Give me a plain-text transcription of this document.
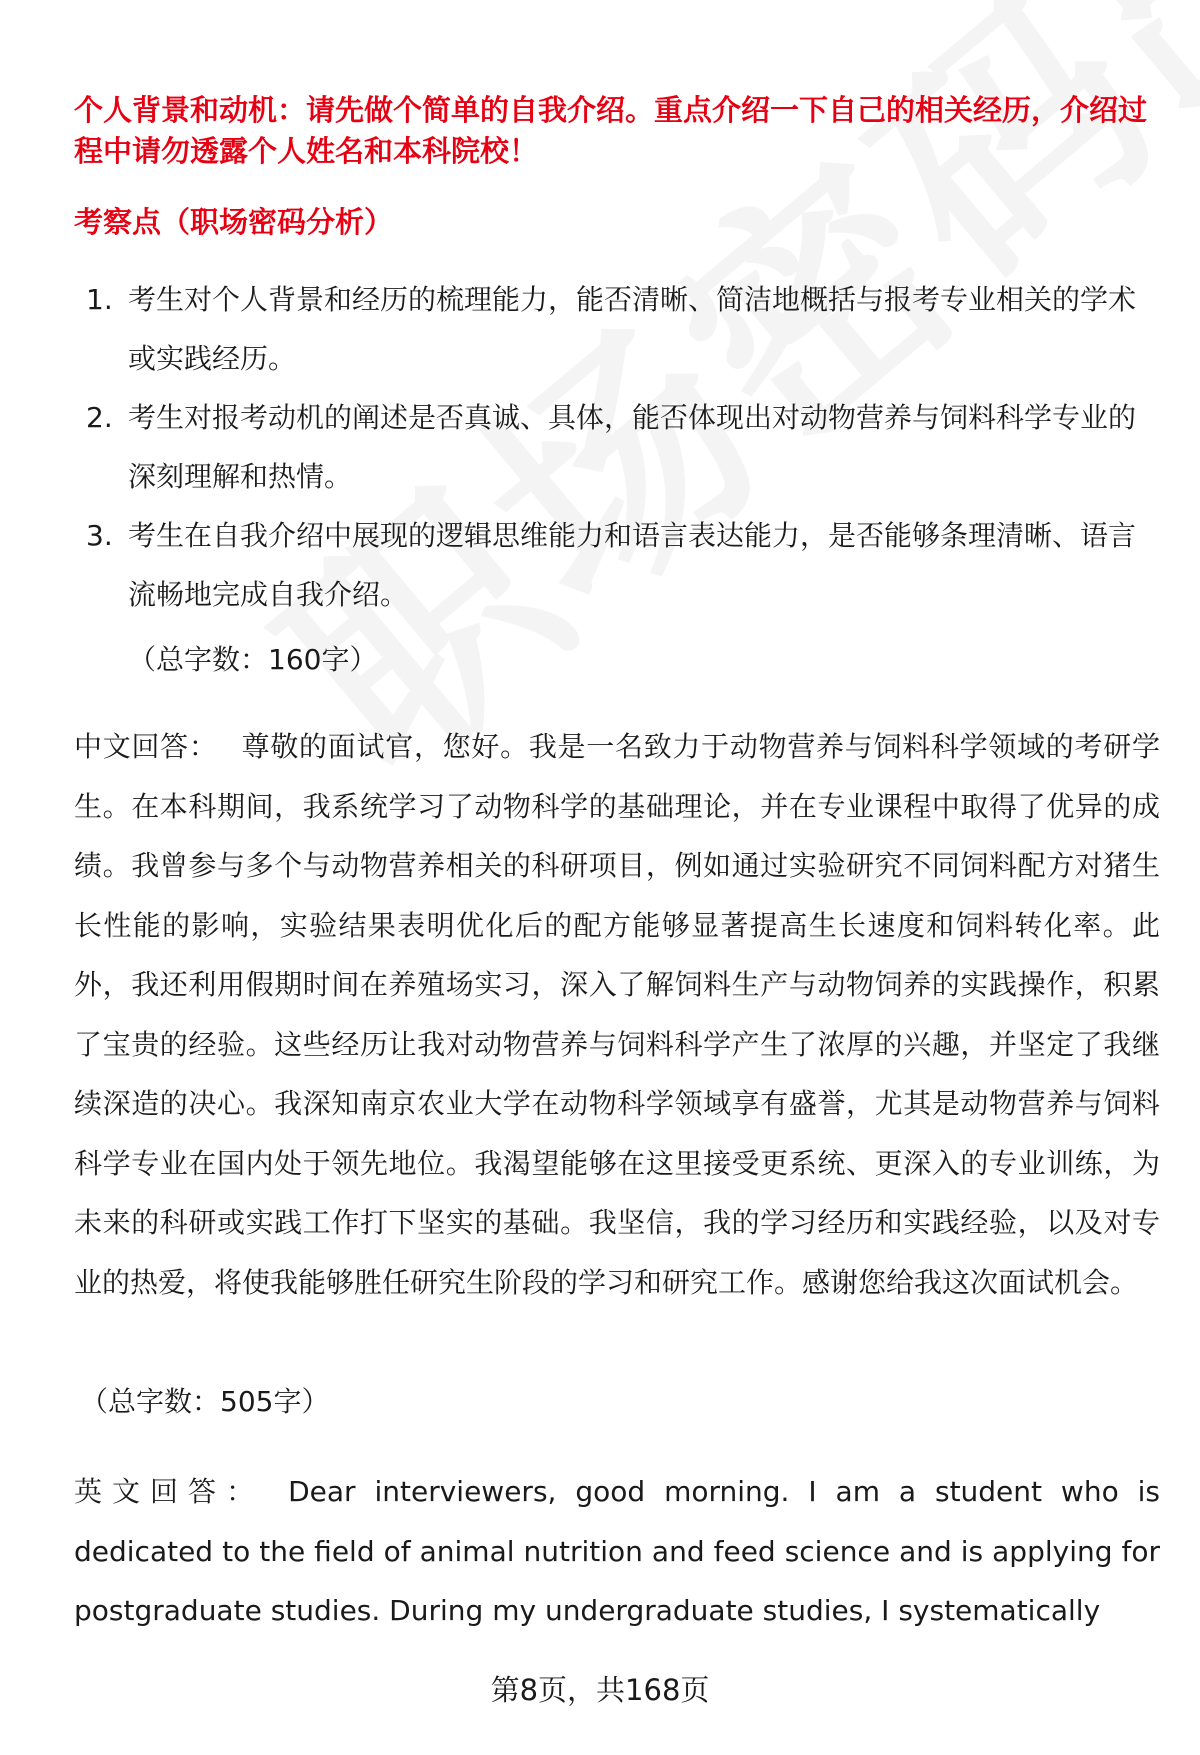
个人背景和动机：请先做个简单的自我介绍。重点介绍一下自己的相关经历，介绍过程中请勿透露个人姓名和本科院校！

考察点（职场密码分析）

1. 考生对个人背景和经历的梳理能力，能否清晰、简洁地概括与报考专业相关的学术或实践经历。
2. 考生对报考动机的阐述是否真诚、具体，能否体现出对动物营养与饲料科学专业的深刻理解和热情。
3. 考生在自我介绍中展现的逻辑思维能力和语言表达能力，是否能够条理清晰、语言流畅地完成自我介绍。
（总字数：160字）

中文回答： 尊敬的面试官，您好。我是一名致力于动物营养与饲料科学领域的考研学生。在本科期间，我系统学习了动物科学的基础理论，并在专业课程中取得了优异的成绩。我曾参与多个与动物营养相关的科研项目，例如通过实验研究不同饲料配方对猪生长性能的影响，实验结果表明优化后的配方能够显著提高生长速度和饲料转化率。此外，我还利用假期时间在养殖场实习，深入了解饲料生产与动物饲养的实践操作，积累了宝贵的经验。这些经历让我对动物营养与饲料科学产生了浓厚的兴趣，并坚定了我继续深造的决心。我深知南京农业大学在动物科学领域享有盛誉，尤其是动物营养与饲料科学专业在国内处于领先地位。我渴望能够在这里接受更系统、更深入的专业训练，为未来的科研或实践工作打下坚实的基础。我坚信，我的学习经历和实践经验，以及对专业的热爱，将使我能够胜任研究生阶段的学习和研究工作。感谢您给我这次面试机会。

（总字数：505字）

英文回答： Dear interviewers, good morning. I am a student who is dedicated to the field of animal nutrition and feed science and is applying for postgraduate studies. During my undergraduate studies, I systematically

第8页，共168页
